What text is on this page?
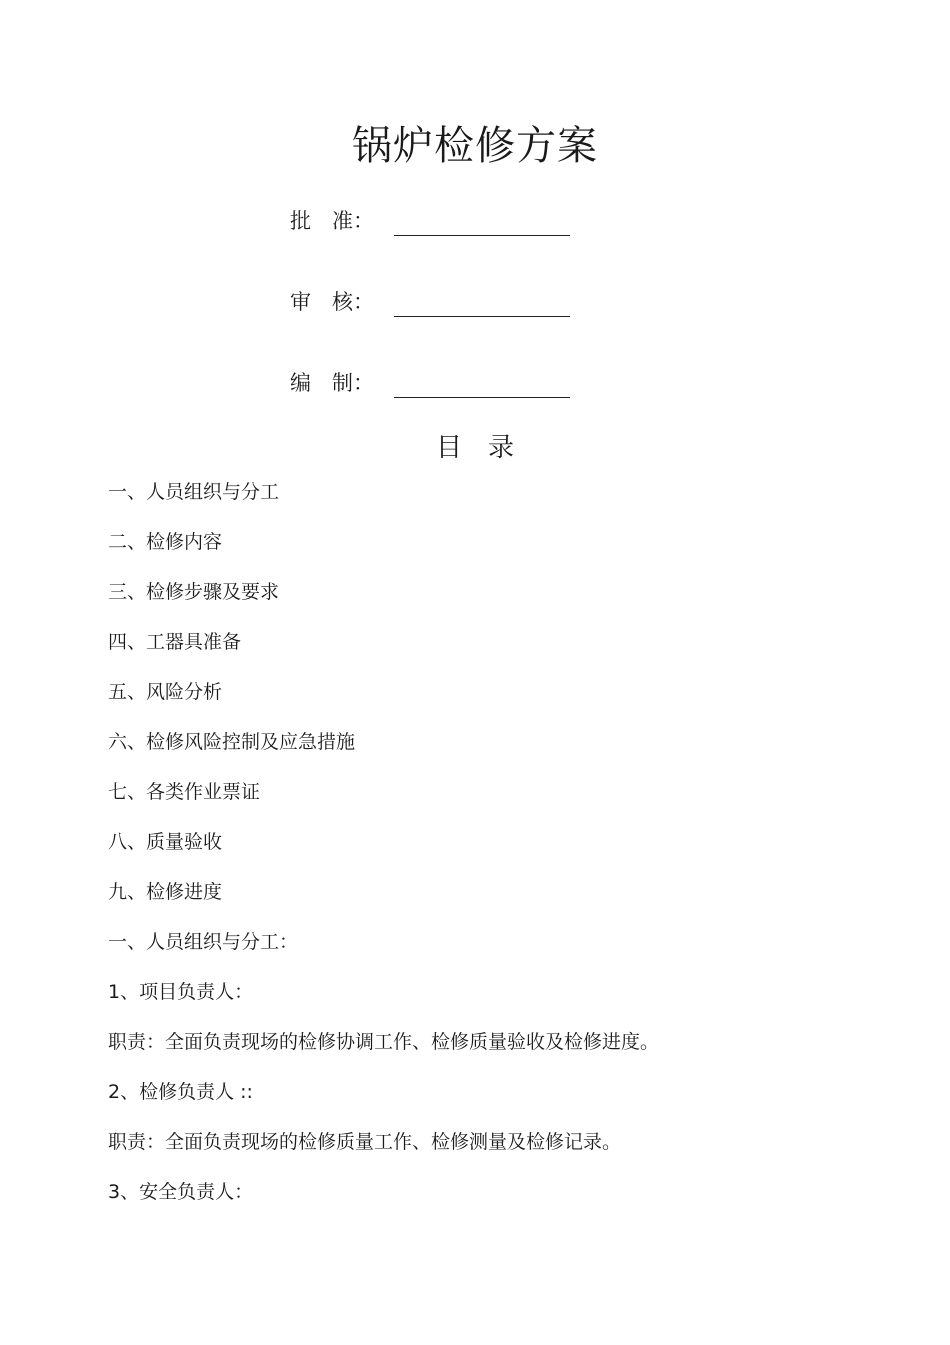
锅炉检修方案
批　准：
审　核：
编　制：
目　录
一、人员组织与分工
二、检修内容
三、检修步骤及要求
四、工器具准备
五、风险分析
六、检修风险控制及应急措施
七、各类作业票证
八、质量验收
九、检修进度
一、人员组织与分工：
1、项目负责人：
职责：全面负责现场的检修协调工作、检修质量验收及检修进度。
2、检修负责人 ::
职责：全面负责现场的检修质量工作、检修测量及检修记录。
3、安全负责人：
